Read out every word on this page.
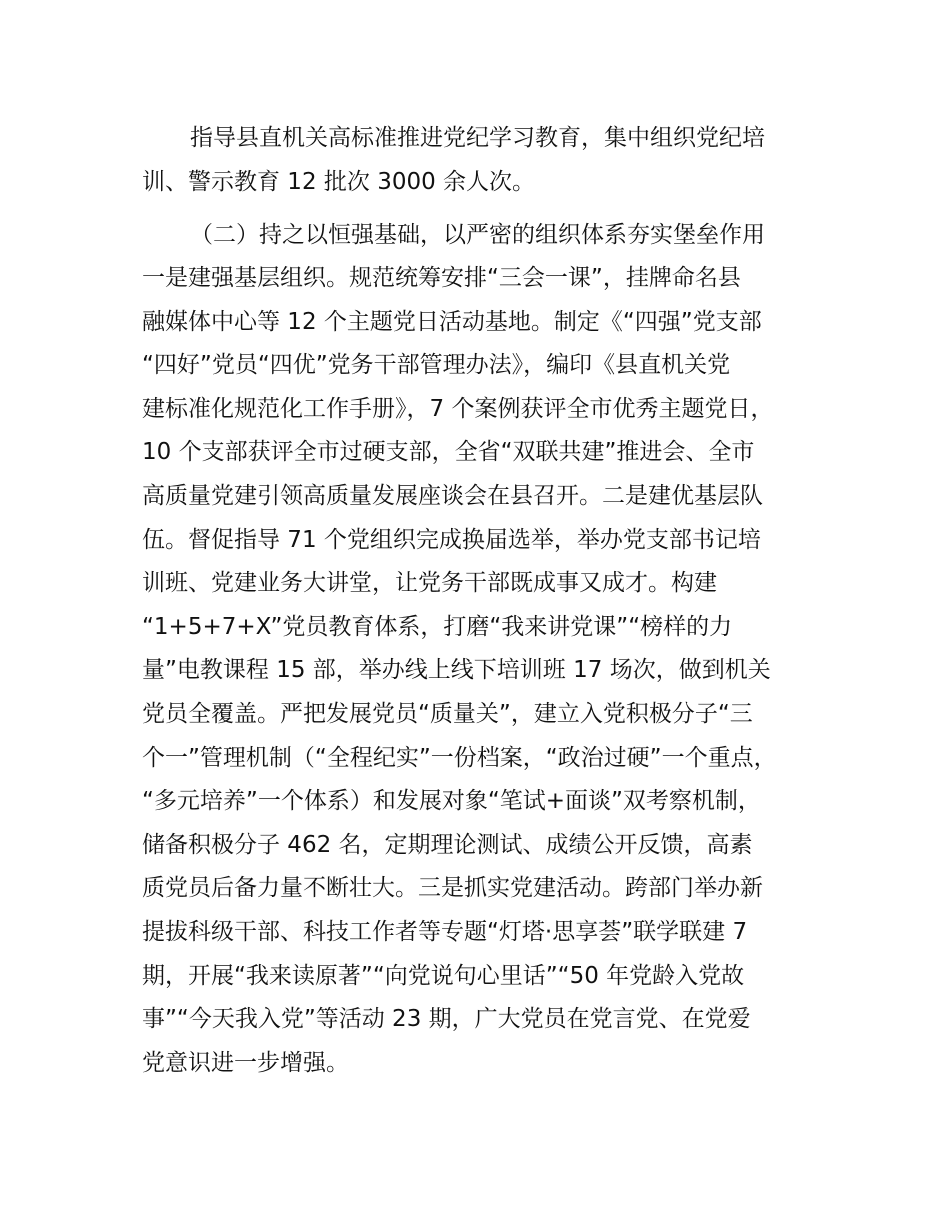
指导县直机关高标准推进党纪学习教育，集中组织党纪培
训、警示教育 12 批次 3000 余人次。
（二）持之以恒强基础，以严密的组织体系夯实堡垒作用
一是建强基层组织。规范统筹安排“三会一课”，挂牌命名县
融媒体中心等 12 个主题党日活动基地。制定《“四强”党支部
“四好”党员“四优”党务干部管理办法》，编印《县直机关党
建标准化规范化工作手册》，7 个案例获评全市优秀主题党日，
10 个支部获评全市过硬支部，全省“双联共建”推进会、全市
高质量党建引领高质量发展座谈会在县召开。二是建优基层队
伍。督促指导 71 个党组织完成换届选举，举办党支部书记培
训班、党建业务大讲堂，让党务干部既成事又成才。构建
“1+5+7+X”党员教育体系，打磨“我来讲党课”“榜样的力
量”电教课程 15 部，举办线上线下培训班 17 场次，做到机关
党员全覆盖。严把发展党员“质量关”，建立入党积极分子“三
个一”管理机制（“全程纪实”一份档案，“政治过硬”一个重点，
“多元培养”一个体系）和发展对象“笔试+面谈”双考察机制，
储备积极分子 462 名，定期理论测试、成绩公开反馈，高素
质党员后备力量不断壮大。三是抓实党建活动。跨部门举办新
提拔科级干部、科技工作者等专题“灯塔·思享荟”联学联建 7
期，开展“我来读原著”“向党说句心里话”“50 年党龄入党故
事”“今天我入党”等活动 23 期，广大党员在党言党、在党爱
党意识进一步增强。
